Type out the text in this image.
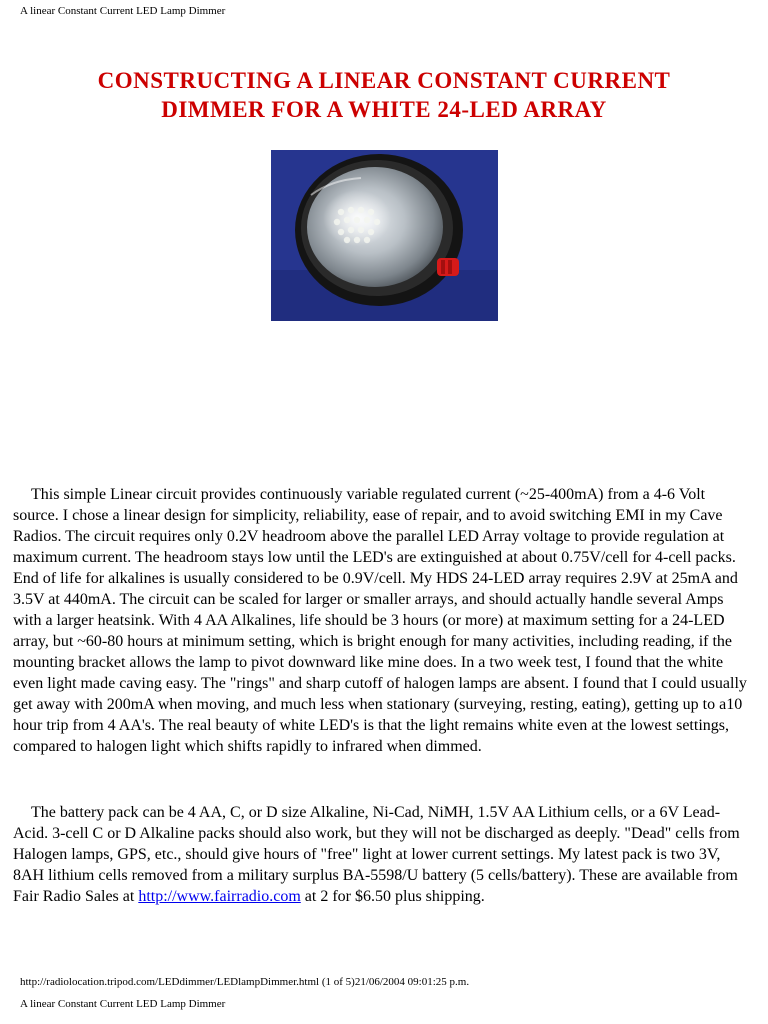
A linear Constant Current LED Lamp Dimmer
CONSTRUCTING A LINEAR CONSTANT CURRENT
DIMMER FOR A WHITE 24-LED ARRAY

This simple Linear circuit provides continuously variable regulated current (~25-400mA) from a 4-6 Volt source. I chose a linear design for simplicity, reliability, ease of repair, and to avoid switching EMI in my Cave Radios. The circuit requires only 0.2V headroom above the parallel LED Array voltage to provide regulation at maximum current. The headroom stays low until the LED's are extinguished at about 0.75V/cell for 4-cell packs. End of life for alkalines is usually considered to be 0.9V/cell. My HDS 24-LED array requires 2.9V at 25mA and 3.5V at 440mA. The circuit can be scaled for larger or smaller arrays, and should actually handle several Amps with a larger heatsink. With 4 AA Alkalines, life should be 3 hours (or more) at maximum setting for a 24-LED array, but ~60-80 hours at minimum setting, which is bright enough for many activities, including reading, if the mounting bracket allows the lamp to pivot downward like mine does. In a two week test, I found that the white even light made caving easy. The "rings" and sharp cutoff of halogen lamps are absent. I found that I could usually get away with 200mA when moving, and much less when stationary (surveying, resting, eating), getting up to a10 hour trip from 4 AA's. The real beauty of white LED's is that the light remains white even at the lowest settings, compared to halogen light which shifts rapidly to infrared when dimmed.

The battery pack can be 4 AA, C, or D size Alkaline, Ni-Cad, NiMH, 1.5V AA Lithium cells, or a 6V Lead-Acid. 3-cell C or D Alkaline packs should also work, but they will not be discharged as deeply. "Dead" cells from Halogen lamps, GPS, etc., should give hours of "free" light at lower current settings. My latest pack is two 3V, 8AH lithium cells removed from a military surplus BA-5598/U battery (5 cells/battery). These are available from Fair Radio Sales at http://www.fairradio.com at 2 for $6.50 plus shipping.

http://radiolocation.tripod.com/LEDdimmer/LEDlampDimmer.html (1 of 5)21/06/2004 09:01:25 p.m.
A linear Constant Current LED Lamp Dimmer
